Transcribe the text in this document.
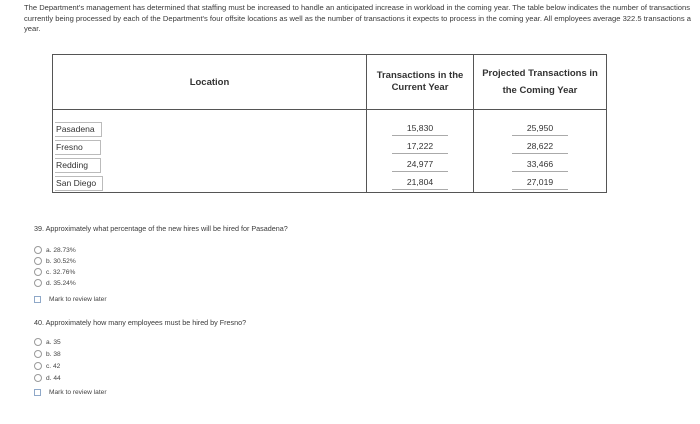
The Department's management has determined that staffing must be increased to handle an anticipated increase in workload in the coming year. The table below indicates the number of transactions currently being processed by each of the Department's four offsite locations as well as the number of transactions it expects to process in the coming year. All employees average 322.5 transactions a year.

Location	Transactions in the Current Year	Projected Transactions in the Coming Year
Pasadena	15,830	25,950
Fresno	17,222	28,622
Redding	24,977	33,466
San Diego	21,804	27,019

39. Approximately what percentage of the new hires will be hired for Pasadena?

a. 28.73%
b. 30.52%
c. 32.76%
d. 35.24%
Mark to review later

40. Approximately how many employees must be hired by Fresno?

a. 35
b. 38
c. 42
d. 44
Mark to review later
